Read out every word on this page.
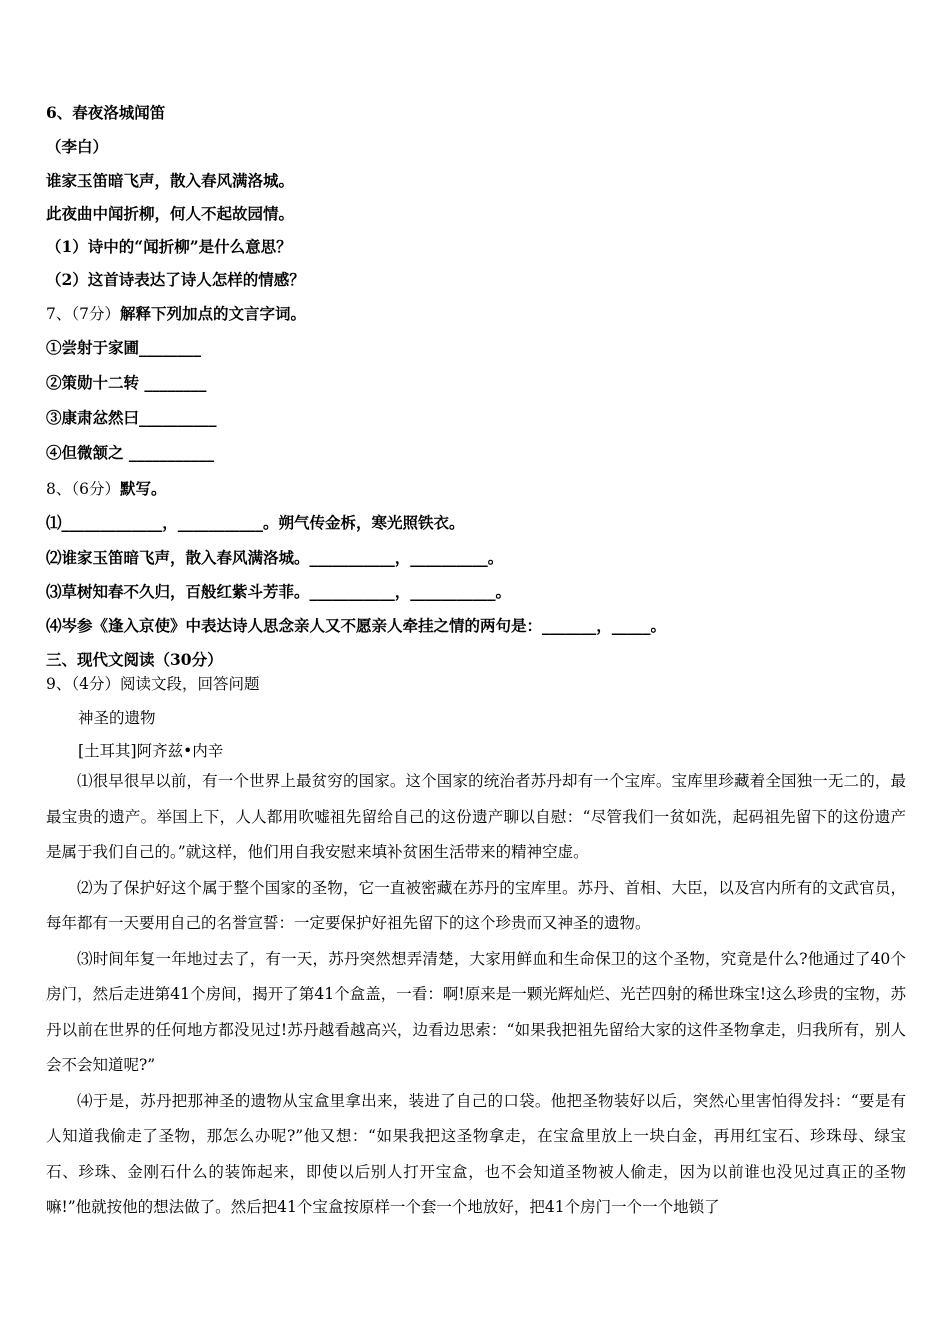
6、春夜洛城闻笛
（李白）
谁家玉笛暗飞声，散入春风满洛城。
此夜曲中闻折柳，何人不起故园情。
（1）诗中的“闻折柳”是什么意思？
（2）这首诗表达了诗人怎样的情感？
7、（7分）解释下列加点的文言字词。
①尝射于家圃________
②策勋十二转 ________
③康肃忿然曰__________
④但微颔之 ___________
8、（6分）默写。
⑴_____________，___________。朔气传金柝，寒光照铁衣。
⑵谁家玉笛暗飞声，散入春风满洛城。___________，__________。
⑶草树知春不久归，百般红紫斗芳菲。___________，___________。
⑷岑参《逢入京使》中表达诗人思念亲人又不愿亲人牵挂之情的两句是：_______，_____。
三、现代文阅读（30分）
9、（4分）阅读文段，回答问题
神圣的遗物
[土耳其]阿齐兹•内辛

⑴很早很早以前，有一个世界上最贫穷的国家。这个国家的统治者苏丹却有一个宝库。宝库里珍藏着全国独一无二的，最最宝贵的遗产。举国上下，人人都用吹嘘祖先留给自己的这份遗产聊以自慰：“尽管我们一贫如洗，起码祖先留下的这份遗产是属于我们自己的。”就这样，他们用自我安慰来填补贫困生活带来的精神空虚。

⑵为了保护好这个属于整个国家的圣物，它一直被密藏在苏丹的宝库里。苏丹、首相、大臣，以及宫内所有的文武官员，每年都有一天要用自己的名誉宣誓：一定要保护好祖先留下的这个珍贵而又神圣的遗物。

⑶时间年复一年地过去了，有一天，苏丹突然想弄清楚，大家用鲜血和生命保卫的这个圣物，究竟是什么?他通过了40个房门，然后走进第41个房间，揭开了第41个盒盖，一看：啊!原来是一颗光辉灿烂、光芒四射的稀世珠宝!这么珍贵的宝物，苏丹以前在世界的任何地方都没见过!苏丹越看越高兴，边看边思索：“如果我把祖先留给大家的这件圣物拿走，归我所有，别人会不会知道呢?”

⑷于是，苏丹把那神圣的遗物从宝盒里拿出来，装进了自己的口袋。他把圣物装好以后，突然心里害怕得发抖：“要是有人知道我偷走了圣物，那怎么办呢?”他又想：“如果我把这圣物拿走，在宝盒里放上一块白金，再用红宝石、珍珠母、绿宝石、珍珠、金刚石什么的装饰起来，即使以后别人打开宝盒，也不会知道圣物被人偷走，因为以前谁也没见过真正的圣物嘛!”他就按他的想法做了。然后把41个宝盒按原样一个套一个地放好，把41个房门一个一个地锁了
